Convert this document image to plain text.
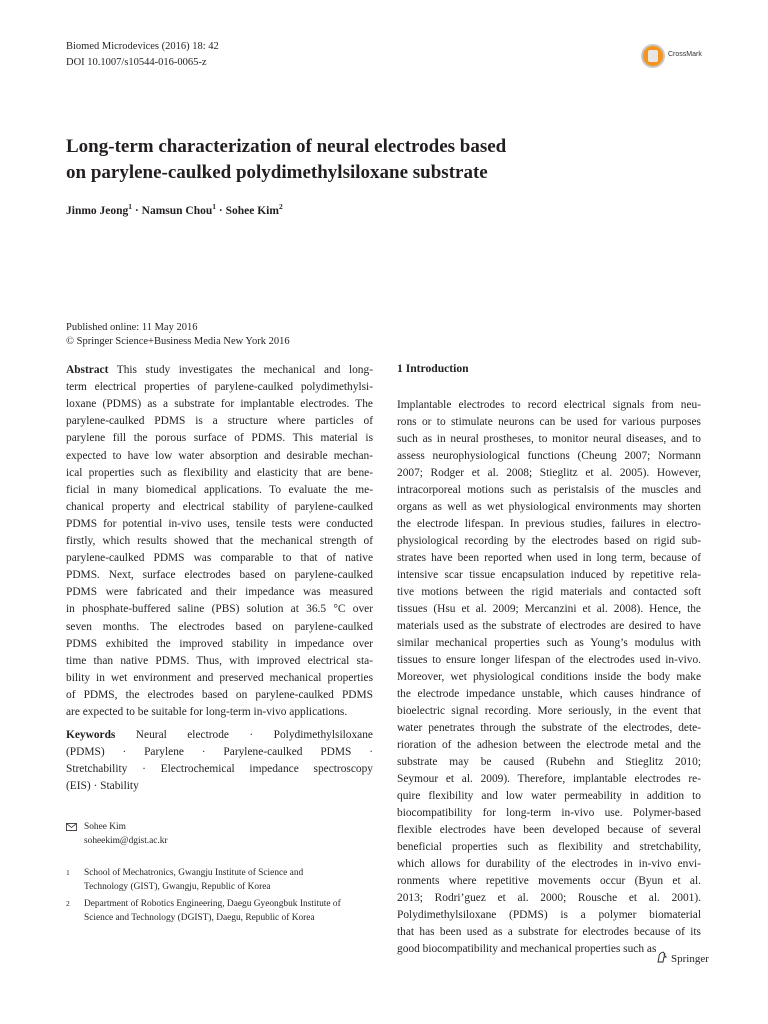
Biomed Microdevices (2016) 18: 42
DOI 10.1007/s10544-016-0065-z
CrossMark
Long-term characterization of neural electrodes based
on parylene-caulked polydimethylsiloxane substrate
Jinmo Jeong$^1$ · Namsun Chou$^1$ · Sohee Kim$^2$
Published online: 11 May 2016
© Springer Science+Business Media New York 2016
Abstract This study investigates the mechanical and long-
term electrical properties of parylene-caulked polydimethylsi-
loxane (PDMS) as a substrate for implantable electrodes. The
parylene-caulked PDMS is a structure where particles of
parylene fill the porous surface of PDMS. This material is
expected to have low water absorption and desirable mechan-
ical properties such as flexibility and elasticity that are bene-
ficial in many biomedical applications. To evaluate the me-
chanical property and electrical stability of parylene-caulked
PDMS for potential in-vivo uses, tensile tests were conducted
firstly, which results showed that the mechanical strength of
parylene-caulked PDMS was comparable to that of native
PDMS. Next, surface electrodes based on parylene-caulked
PDMS were fabricated and their impedance was measured
in phosphate-buffered saline (PBS) solution at 36.5 °C over
seven months. The electrodes based on parylene-caulked
PDMS exhibited the improved stability in impedance over
time than native PDMS. Thus, with improved electrical sta-
bility in wet environment and preserved mechanical properties
of PDMS, the electrodes based on parylene-caulked PDMS
are expected to be suitable for long-term in-vivo applications.
Keywords Neural electrode · Polydimethylsiloxane
(PDMS) · Parylene · Parylene-caulked PDMS ·
Stretchability · Electrochemical impedance spectroscopy
(EIS) · Stability
Sohee Kim
soheekim@dgist.ac.kr
1 School of Mechatronics, Gwangju Institute of Science and
Technology (GIST), Gwangju, Republic of Korea
2 Department of Robotics Engineering, Daegu Gyeongbuk Institute of
Science and Technology (DGIST), Daegu, Republic of Korea
1 Introduction
Implantable electrodes to record electrical signals from neu-
rons or to stimulate neurons can be used for various purposes
such as in neural prostheses, to monitor neural diseases, and to
assess neurophysiological functions (Cheung 2007; Normann
2007; Rodger et al. 2008; Stieglitz et al. 2005). However,
intracorporeal motions such as peristalsis of the muscles and
organs as well as wet physiological environments may shorten
the electrode lifespan. In previous studies, failures in electro-
physiological recording by the electrodes based on rigid sub-
strates have been reported when used in long term, because of
intensive scar tissue encapsulation induced by repetitive rela-
tive motions between the rigid materials and contacted soft
tissues (Hsu et al. 2009; Mercanzini et al. 2008). Hence, the
materials used as the substrate of electrodes are desired to have
similar mechanical properties such as Young’s modulus with
tissues to ensure longer lifespan of the electrodes used in-vivo.
Moreover, wet physiological conditions inside the body make
the electrode impedance unstable, which causes hindrance of
bioelectric signal recording. More seriously, in the event that
water penetrates through the substrate of the electrodes, dete-
rioration of the adhesion between the electrode metal and the
substrate may be caused (Rubehn and Stieglitz 2010;
Seymour et al. 2009). Therefore, implantable electrodes re-
quire flexibility and low water permeability in addition to
biocompatibility for long-term in-vivo use. Polymer-based
flexible electrodes have been developed because of several
beneficial properties such as flexibility and stretchability,
which allows for durability of the electrodes in in-vivo envi-
ronments where repetitive movements occur (Byun et al.
2013; Rodri’guez et al. 2000; Rousche et al. 2001).
Polydimethylsiloxane (PDMS) is a polymer biomaterial
that has been used as a substrate for electrodes because of its
good biocompatibility and mechanical properties such as
Springer
